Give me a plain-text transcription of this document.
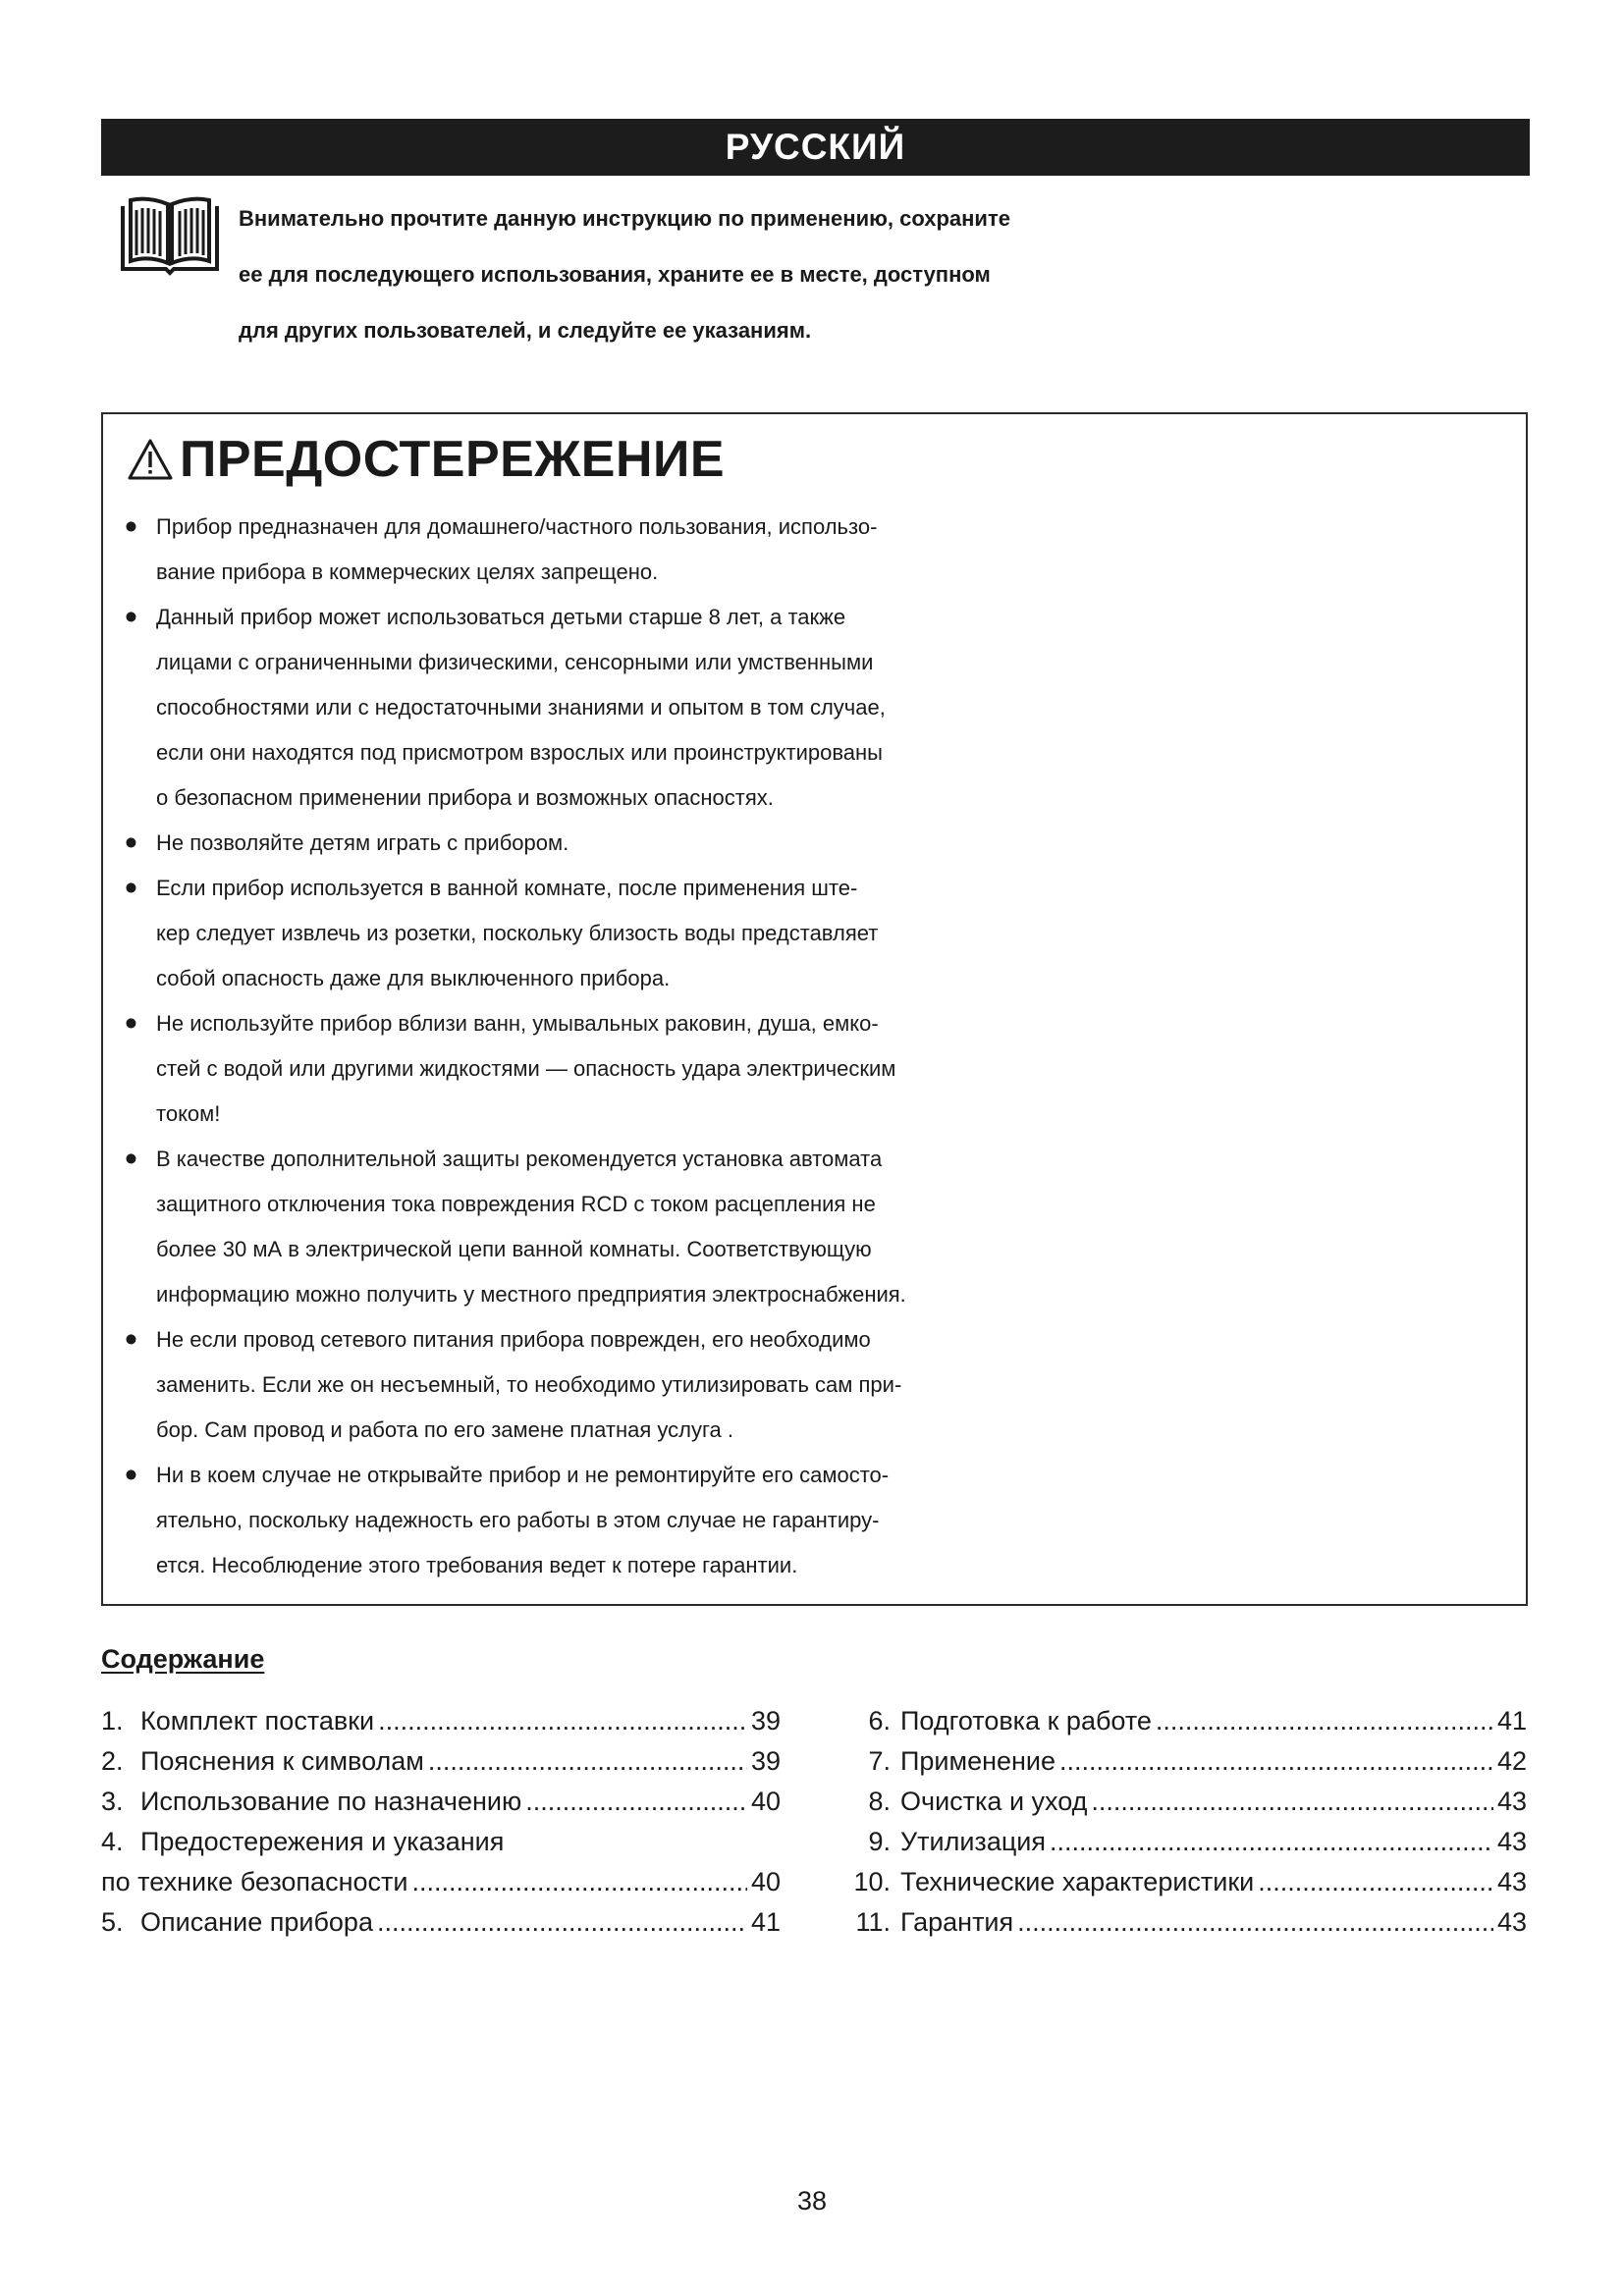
РУССКИЙ
Внимательно прочтите данную инструкцию по применению, сохраните
ее для последующего использования, храните ее в месте, доступном
для других пользователей, и следуйте ее указаниям.
ПРЕДОСТЕРЕЖЕНИЕ
• Прибор предназначен для домашнего/частного пользования, использо-
вание прибора в коммерческих целях запрещено.
• Данный прибор может использоваться детьми старше 8 лет, а также
лицами с ограниченными физическими, сенсорными или умственными
способностями или с недостаточными знаниями и опытом в том случае,
если они находятся под присмотром взрослых или проинструктированы
о безопасном применении прибора и возможных опасностях.
• Не позволяйте детям играть с прибором.
• Если прибор используется в ванной комнате, после применения ште-
кер следует извлечь из розетки, поскольку близость воды представляет
собой опасность даже для выключенного прибора.
• Не используйте прибор вблизи ванн, умывальных раковин, душа, емко-
стей с водой или другими жидкостями — опасность удара электрическим
током!
• В качестве дополнительной защиты рекомендуется установка автомата
защитного отключения тока повреждения RCD с током расцепления не
более 30 мА в электрической цепи ванной комнаты. Соответствующую
информацию можно получить у местного предприятия электроснабжения.
• Не если провод сетевого питания прибора поврежден, его необходимо
заменить. Если же он несъемный, то необходимо утилизировать сам при-
бор. Сам провод и работа по его замене платная услуга .
• Ни в коем случае не открывайте прибор и не ремонтируйте его самосто-
ятельно, поскольку надежность его работы в этом случае не гарантиру-
ется. Несоблюдение этого требования ведет к потере гарантии.
Содержание
1. Комплект поставки .....	39
2. Пояснения к символам .....	39
3. Использование по назначению .....	40
4. Предостережения и указания
по технике безопасности .....	40
5. Описание прибора .....	41
6. Подготовка к работе .....	41
7. Применение .....	42
8. Очистка и уход .....	43
9. Утилизация .....	43
10. Технические характеристики .....	43
11. Гарантия .....	43
38
